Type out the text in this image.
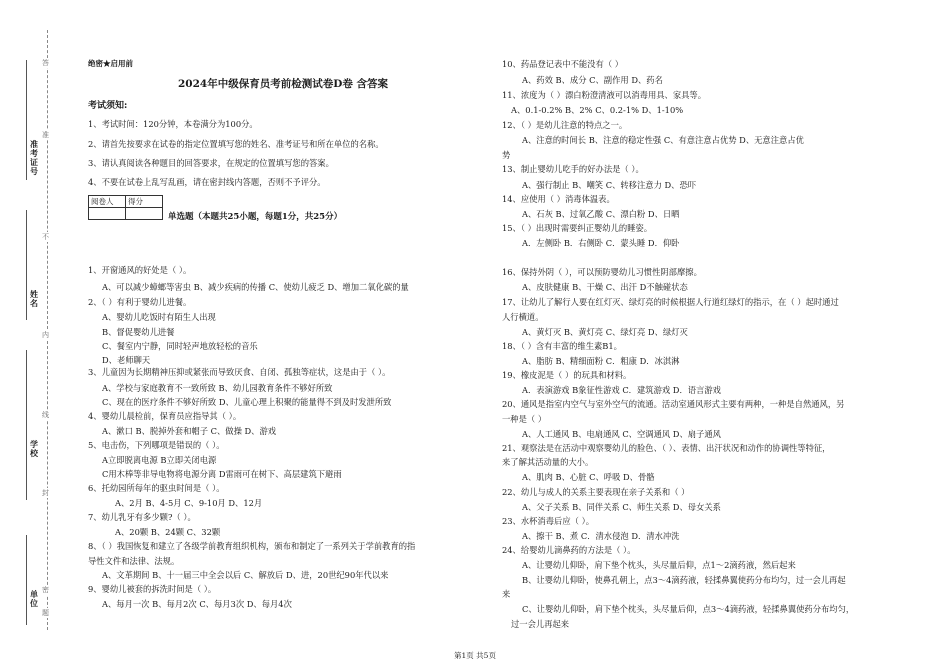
准考证号
姓名
学校
单位
答
准
不
内
线
封
密
题
绝密★启用前
2024年中级保育员考前检测试卷D卷 含答案
考试须知:
1、考试时间：120分钟，本卷满分为100分。
2、请首先按要求在试卷的指定位置填写您的姓名、准考证号和所在单位的名称。
3、请认真阅读各种题目的回答要求，在规定的位置填写您的答案。
4、不要在试卷上乱写乱画，请在密封线内答题，否则不予评分。
阅卷人	得分

单选题（本题共25小题，每题1分，共25分）
1、开窗通风的好处是（ ）。
A、可以减少蟑螂等害虫 B、减少疾病的传播 C、使幼儿疲乏 D、增加二氧化碳的量
2、（ ）有利于婴幼儿进餐。
A、婴幼儿吃饭时有陌生人出现
B、督促婴幼儿进餐
C、餐室内宁静，同时轻声地放轻松的音乐
D、老师聊天
3、儿童因为长期精神压抑或紧张而导致厌食、自闭、孤独等症状，这是由于（ ）。
A、学校与家庭教育不一致所致 B、幼儿园教育条件不够好所致
C、现在的医疗条件不够好所致 D、儿童心理上积聚的能量得不到及时发泄所致
4、婴幼儿晨检前，保育员应指导其（ ）。
A、漱口 B、脱掉外套和帽子 C、做操 D、游戏
5、电击伤，下列哪项是错误的（ ）。
A立即脱离电源 B立即关闭电源
C用木棒等非导电物将电源分离 D雷雨可在树下、高层建筑下避雨
6、托幼园所每年的驱虫时间是（ ）。
A、2月 B、4-5月 C、9-10月 D、12月
7、幼儿乳牙有多少颗?（ ）。
A、20颗 B、24颗 C、32颗
8、（ ）我国恢复和建立了各级学前教育组织机构，颁布和制定了一系列关于学前教育的指
导性文件和法律、法规。
A、文革期间 B、十一届三中全会以后 C、解放后 D、进，20世纪90年代以来
9、婴幼儿被套的拆洗时间是（ ）。
A、每月一次 B、每月2次 C、每月3次 D、每月4次
10、药品登记表中不能没有（ ）
A、药效 B、成分 C、副作用 D、药名
11、浓度为（ ）漂白粉澄清液可以消毒用具、家具等。
A、0.1-0.2% B、2% C、0.2-1% D、1-10%
12、（ ）是幼儿注意的特点之一。
A、注意的时间长 B、注意的稳定性强 C、有意注意占优势 D、无意注意占优
势
13、制止婴幼儿吃手的好办法是（ ）。
A、强行制止 B、嘲笑 C、转移注意力 D、恐吓
14、应使用（ ）消毒体温表。
A、石灰 B、过氧乙酸 C、漂白粉 D、日晒
15、（ ）出现时需要纠正婴幼儿的睡姿。
A．左侧卧 B．右侧卧 C．蒙头睡 D．仰卧
16、保持外阴（ ），可以预防婴幼儿习惯性阴部摩擦。
A、皮肤健康 B、干燥 C、出汗 D不触碰状态
17、让幼儿了解行人要在红灯灭、绿灯亮的时候根据人行道红绿灯的指示，在（ ）起时通过
人行横道。
A、黄灯灭 B、黄灯亮 C、绿灯亮 D、绿灯灭
18、（ ）含有丰富的维生素B1。
A、脂肪 B、精细面粉 C．粗康 D．冰淇淋
19、橡皮泥是（ ）的玩具和材料。
A．表演游戏 B象征性游戏 C．建筑游戏 D．语言游戏
20、通风是指室内空气与室外空气的流通。活动室通风形式主要有两种，一种是自然通风，另
一种是（ ）
A、人工通风 B、电扇通风 C、空调通风 D、扇子通风
21、观察法是在活动中观察婴幼儿的脸色、（ ）、表情、出汗状况和动作的协调性等特征，
来了解其活动量的大小。
A、肌肉 B、心脏 C、呼吸 D、骨骼
22、幼儿与成人的关系主要表现在亲子关系和（ ）
A、父子关系 B、同伴关系 C、师生关系 D、母女关系
23、水杯消毒后应（ ）。
A、擦干 B、煮 C．清水侵泡 D．清水冲洗
24、给婴幼儿滴鼻药的方法是（ ）。
A、让婴幼儿仰卧，肩下垫个枕头，头尽量后仰，点1～2滴药液，然后起来
B、让婴幼儿仰卧，使鼻孔朝上，点3～4滴药液，轻揉鼻翼使药分布均匀，过一会儿再起
来
C、让婴幼儿仰卧，肩下垫个枕头，头尽量后仰，点3～4滴药液，轻揉鼻翼使药分布均匀，
过一会儿再起来
第1页 共5页
